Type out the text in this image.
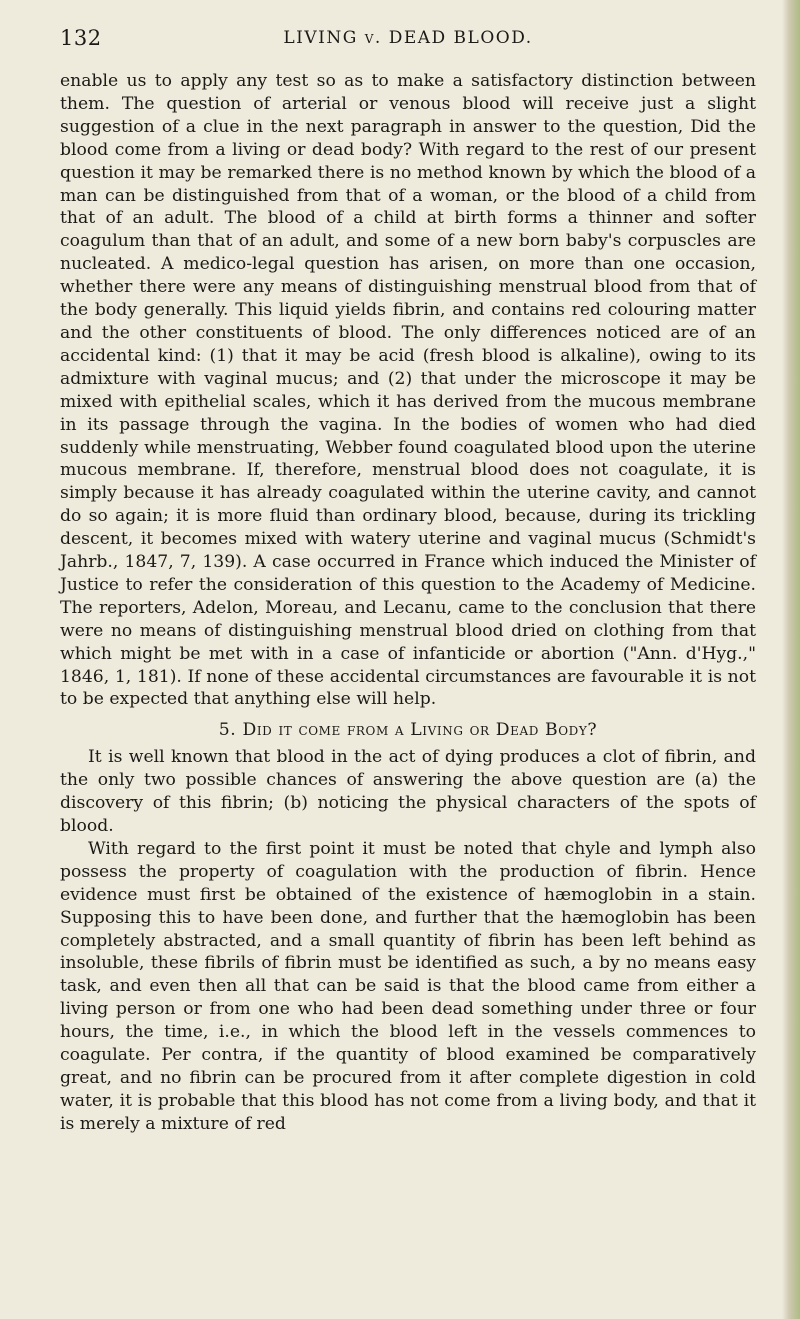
132	LIVING v. DEAD BLOOD.

enable us to apply any test so as to make a satisfactory distinction between them. The question of arterial or venous blood will receive just a slight suggestion of a clue in the next paragraph in answer to the question, Did the blood come from a living or dead body? With regard to the rest of our present question it may be remarked there is no method known by which the blood of a man can be distinguished from that of a woman, or the blood of a child from that of an adult. The blood of a child at birth forms a thinner and softer coagulum than that of an adult, and some of a new born baby's corpuscles are nucleated. A medico-legal question has arisen, on more than one occasion, whether there were any means of distinguishing menstrual blood from that of the body generally. This liquid yields fibrin, and contains red colouring matter and the other constituents of blood. The only differences noticed are of an accidental kind: (1) that it may be acid (fresh blood is alkaline), owing to its admixture with vaginal mucus; and (2) that under the microscope it may be mixed with epithelial scales, which it has derived from the mucous membrane in its passage through the vagina. In the bodies of women who had died suddenly while menstruating, Webber found coagulated blood upon the uterine mucous membrane. If, therefore, menstrual blood does not coagulate, it is simply because it has already coagulated within the uterine cavity, and cannot do so again; it is more fluid than ordinary blood, because, during its trickling descent, it becomes mixed with watery uterine and vaginal mucus (Schmidt's Jahrb., 1847, 7, 139). A case occurred in France which induced the Minister of Justice to refer the consideration of this question to the Academy of Medicine. The reporters, Adelon, Moreau, and Lecanu, came to the conclusion that there were no means of distinguishing menstrual blood dried on clothing from that which might be met with in a case of infanticide or abortion ("Ann. d'Hyg.," 1846, 1, 181). If none of these accidental circumstances are favourable it is not to be expected that anything else will help.

5. Did it come from a Living or Dead Body?

It is well known that blood in the act of dying produces a clot of fibrin, and the only two possible chances of answering the above question are (a) the discovery of this fibrin; (b) noticing the physical characters of the spots of blood.

With regard to the first point it must be noted that chyle and lymph also possess the property of coagulation with the production of fibrin. Hence evidence must first be obtained of the existence of hæmoglobin in a stain. Supposing this to have been done, and further that the hæmoglobin has been completely abstracted, and a small quantity of fibrin has been left behind as insoluble, these fibrils of fibrin must be identified as such, a by no means easy task, and even then all that can be said is that the blood came from either a living person or from one who had been dead something under three or four hours, the time, i.e., in which the blood left in the vessels commences to coagulate. Per contra, if the quantity of blood examined be comparatively great, and no fibrin can be procured from it after complete digestion in cold water, it is probable that this blood has not come from a living body, and that it is merely a mixture of red
